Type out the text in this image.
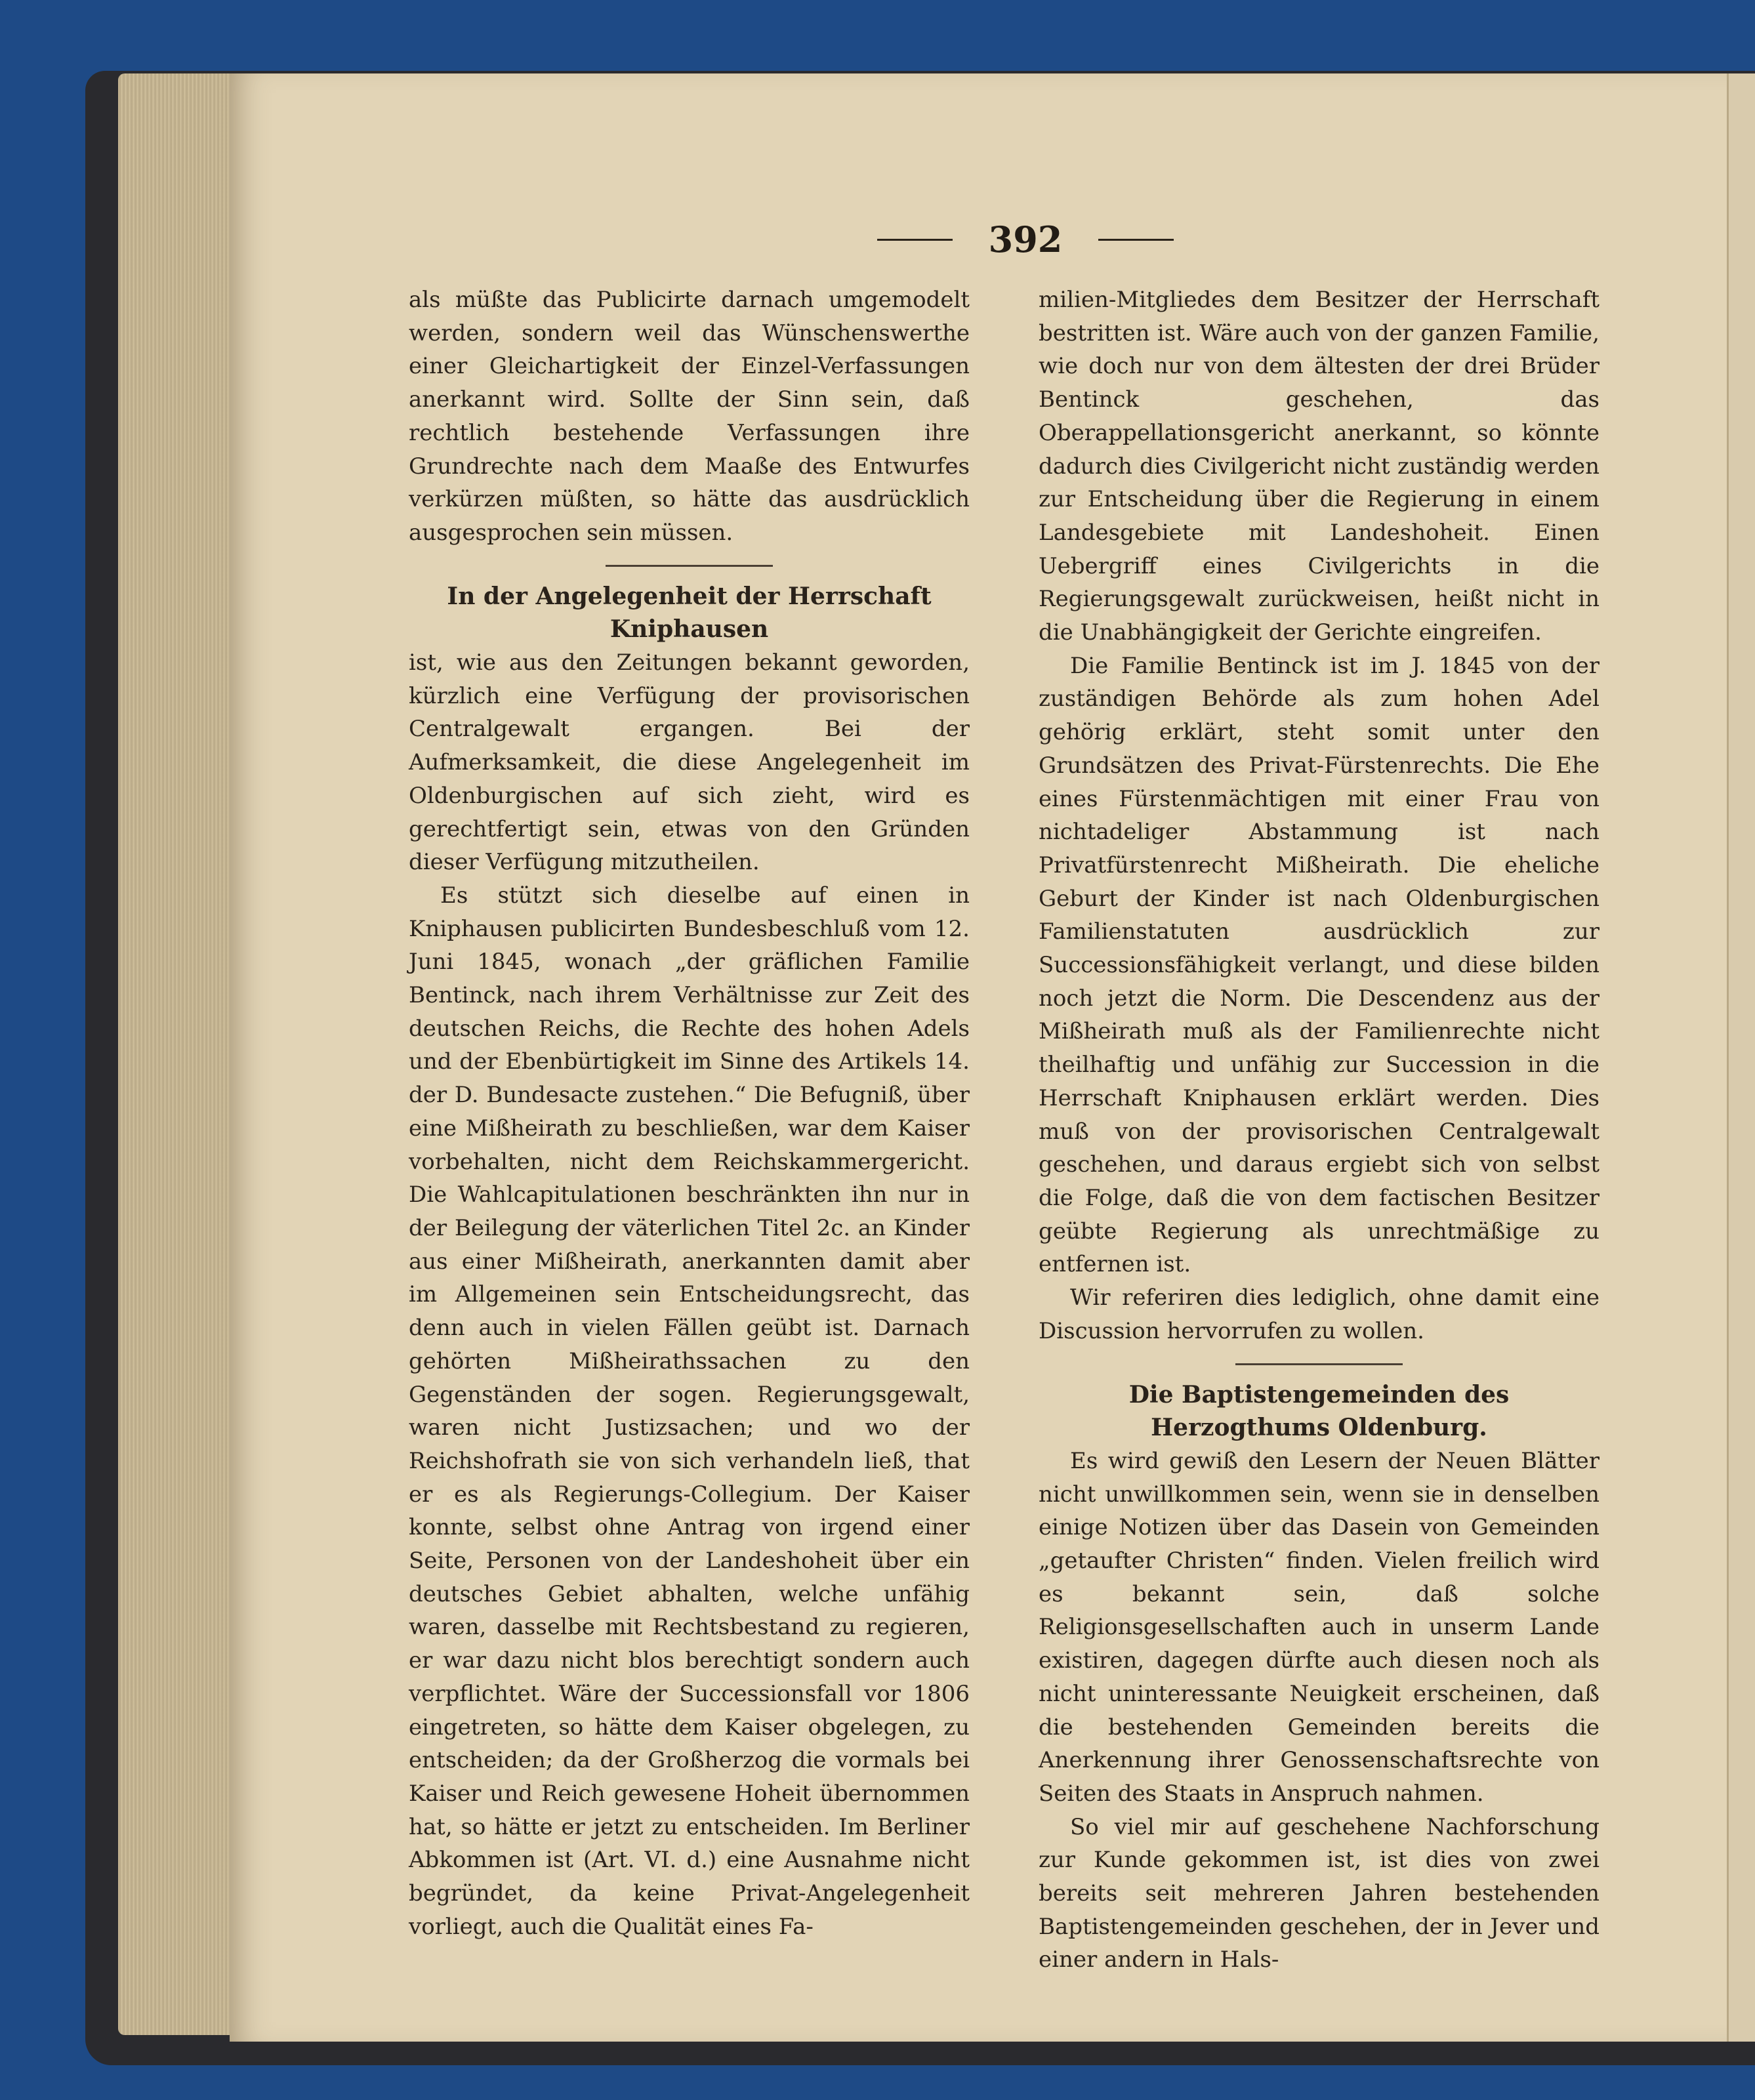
392

als müßte das Publicirte darnach umgemodelt werden, sondern weil das Wünschenswerthe einer Gleichartigkeit der Einzel-Verfassungen anerkannt wird. Sollte der Sinn sein, daß rechtlich bestehende Verfassungen ihre Grundrechte nach dem Maaße des Entwurfes verkürzen müßten, so hätte das ausdrücklich ausgesprochen sein müssen.

In der Angelegenheit der Herrschaft Kniphausen

ist, wie aus den Zeitungen bekannt geworden, kürzlich eine Verfügung der provisorischen Centralgewalt ergangen. Bei der Aufmerksamkeit, die diese Angelegenheit im Oldenburgischen auf sich zieht, wird es gerechtfertigt sein, etwas von den Gründen dieser Verfügung mitzutheilen.

Es stützt sich dieselbe auf einen in Kniphausen publicirten Bundesbeschluß vom 12. Juni 1845, wonach „der gräflichen Familie Bentinck, nach ihrem Verhältnisse zur Zeit des deutschen Reichs, die Rechte des hohen Adels und der Ebenbürtigkeit im Sinne des Artikels 14. der D. Bundesacte zustehen.“ Die Befugniß, über eine Mißheirath zu beschließen, war dem Kaiser vorbehalten, nicht dem Reichskammergericht. Die Wahlcapitulationen beschränkten ihn nur in der Beilegung der väterlichen Titel 2c. an Kinder aus einer Mißheirath, anerkannten damit aber im Allgemeinen sein Entscheidungsrecht, das denn auch in vielen Fällen geübt ist. Darnach gehörten Mißheirathssachen zu den Gegenständen der sogen. Regierungsgewalt, waren nicht Justizsachen; und wo der Reichshofrath sie von sich verhandeln ließ, that er es als Regierungs-Collegium. Der Kaiser konnte, selbst ohne Antrag von irgend einer Seite, Personen von der Landeshoheit über ein deutsches Gebiet abhalten, welche unfähig waren, dasselbe mit Rechtsbestand zu regieren, er war dazu nicht blos berechtigt sondern auch verpflichtet. Wäre der Successionsfall vor 1806 eingetreten, so hätte dem Kaiser obgelegen, zu entscheiden; da der Großherzog die vormals bei Kaiser und Reich gewesene Hoheit übernommen hat, so hätte er jetzt zu entscheiden. Im Berliner Abkommen ist (Art. VI. d.) eine Ausnahme nicht begründet, da keine Privat-Angelegenheit vorliegt, auch die Qualität eines Fa-

milien-Mitgliedes dem Besitzer der Herrschaft bestritten ist. Wäre auch von der ganzen Familie, wie doch nur von dem ältesten der drei Brüder Bentinck geschehen, das Oberappellationsgericht anerkannt, so könnte dadurch dies Civilgericht nicht zuständig werden zur Entscheidung über die Regierung in einem Landesgebiete mit Landeshoheit. Einen Uebergriff eines Civilgerichts in die Regierungsgewalt zurückweisen, heißt nicht in die Unabhängigkeit der Gerichte eingreifen.

Die Familie Bentinck ist im J. 1845 von der zuständigen Behörde als zum hohen Adel gehörig erklärt, steht somit unter den Grundsätzen des Privat-Fürstenrechts. Die Ehe eines Fürstenmächtigen mit einer Frau von nichtadeliger Abstammung ist nach Privatfürstenrecht Mißheirath. Die eheliche Geburt der Kinder ist nach Oldenburgischen Familienstatuten ausdrücklich zur Successionsfähigkeit verlangt, und diese bilden noch jetzt die Norm. Die Descendenz aus der Mißheirath muß als der Familienrechte nicht theilhaftig und unfähig zur Succession in die Herrschaft Kniphausen erklärt werden. Dies muß von der provisorischen Centralgewalt geschehen, und daraus ergiebt sich von selbst die Folge, daß die von dem factischen Besitzer geübte Regierung als unrechtmäßige zu entfernen ist.

Wir referiren dies lediglich, ohne damit eine Discussion hervorrufen zu wollen.

Die Baptistengemeinden des Herzogthums Oldenburg.

Es wird gewiß den Lesern der Neuen Blätter nicht unwillkommen sein, wenn sie in denselben einige Notizen über das Dasein von Gemeinden „getaufter Christen“ finden. Vielen freilich wird es bekannt sein, daß solche Religionsgesellschaften auch in unserm Lande existiren, dagegen dürfte auch diesen noch als nicht uninteressante Neuigkeit erscheinen, daß die bestehenden Gemeinden bereits die Anerkennung ihrer Genossenschaftsrechte von Seiten des Staats in Anspruch nahmen.

So viel mir auf geschehene Nachforschung zur Kunde gekommen ist, ist dies von zwei bereits seit mehreren Jahren bestehenden Baptistengemeinden geschehen, der in Jever und einer andern in Hals-
